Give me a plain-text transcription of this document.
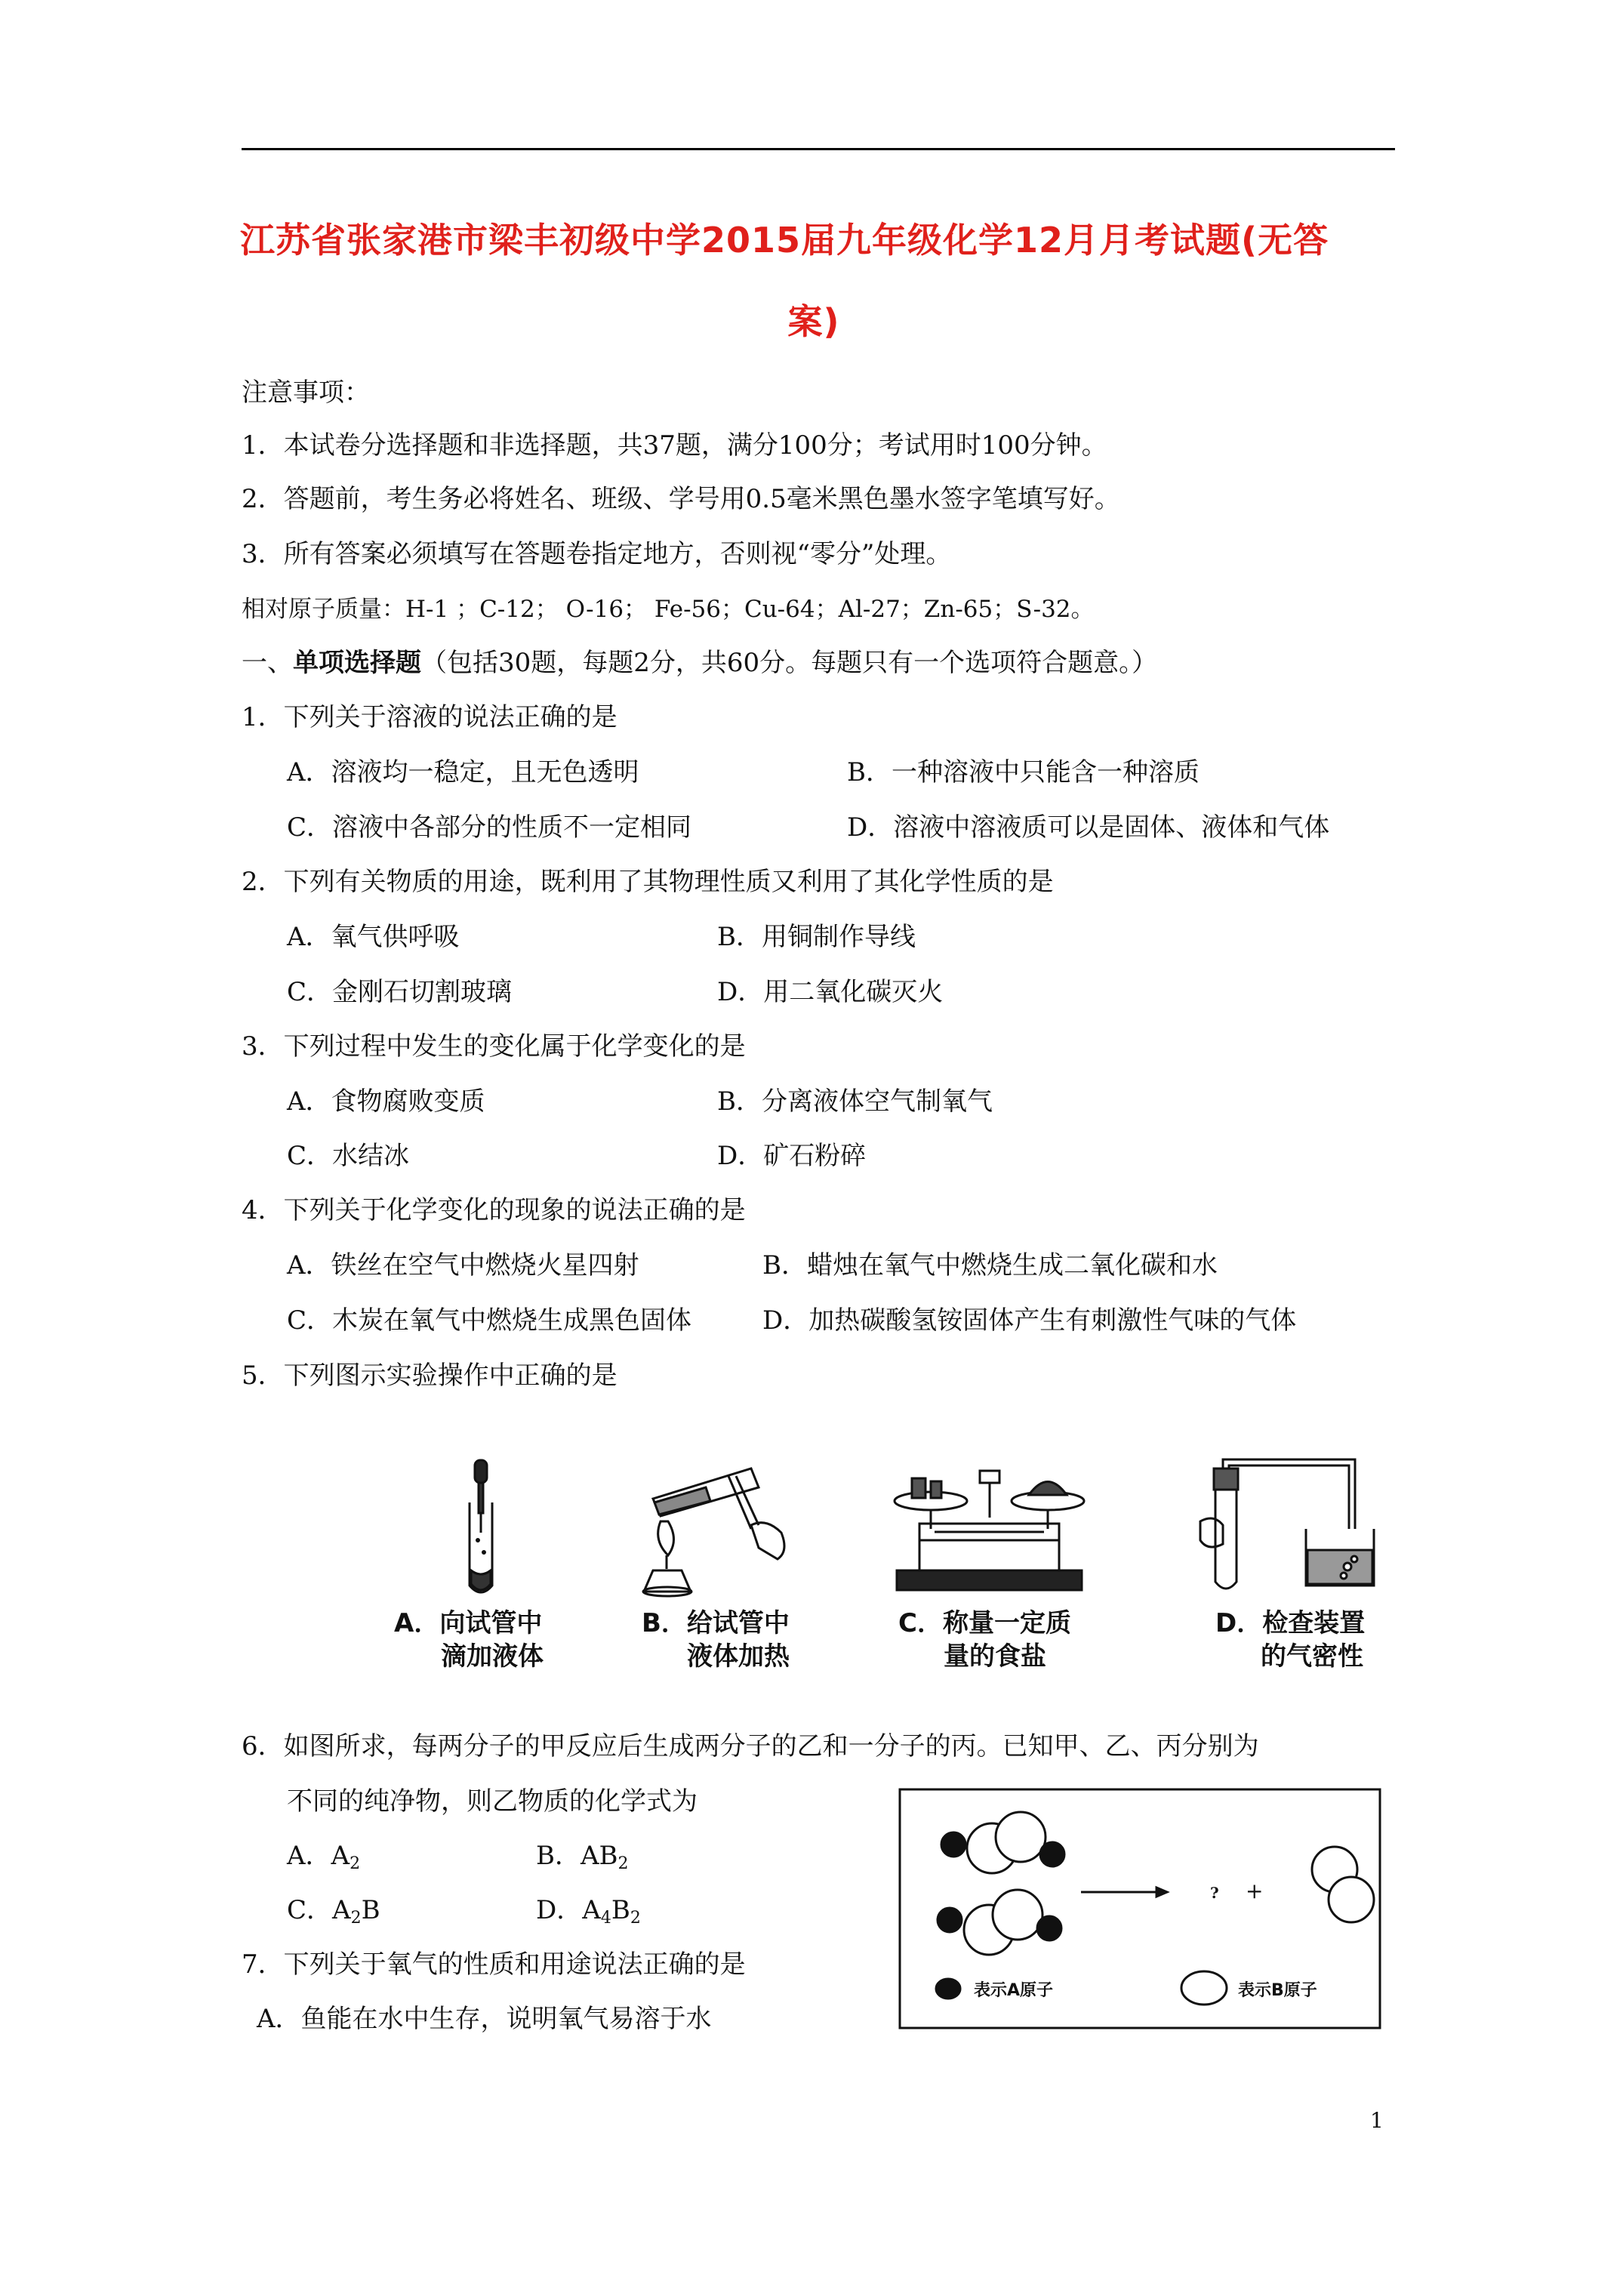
江苏省张家港市梁丰初级中学2015届九年级化学12月月考试题(无答
案)
注意事项：
1．本试卷分选择题和非选择题，共37题，满分100分；考试用时100分钟。
2．答题前，考生务必将姓名、班级、学号用0.5毫米黑色墨水签字笔填写好。
3．所有答案必须填写在答题卷指定地方，否则视“零分”处理。
相对原子质量：H-1 ；C-12； O-16； Fe-56；Cu-64；Al-27；Zn-65；S-32。
一、单项选择题（包括30题，每题2分，共60分。每题只有一个选项符合题意。）
1．下列关于溶液的说法正确的是
A．溶液均一稳定，且无色透明	B．一种溶液中只能含一种溶质
C．溶液中各部分的性质不一定相同	D．溶液中溶液质可以是固体、液体和气体
2．下列有关物质的用途，既利用了其物理性质又利用了其化学性质的是
A．氧气供呼吸	B．用铜制作导线
C．金刚石切割玻璃	D．用二氧化碳灭火
3．下列过程中发生的变化属于化学变化的是
A．食物腐败变质	B．分离液体空气制氧气
C．水结冰	D．矿石粉碎
4．下列关于化学变化的现象的说法正确的是
A．铁丝在空气中燃烧火星四射	B．蜡烛在氧气中燃烧生成二氧化碳和水
C．木炭在氧气中燃烧生成黑色固体	D．加热碳酸氢铵固体产生有刺激性气味的气体
5．下列图示实验操作中正确的是
A．向试管中
滴加液体
B．给试管中
液体加热
C．称量一定质
量的食盐
D．检查装置
的气密性
6．如图所求，每两分子的甲反应后生成两分子的乙和一分子的丙。已知甲、乙、丙分别为
不同的纯净物，则乙物质的化学式为
A．$A_2$	B．$AB_2$
C．$A_2B$	D．$A_4B_2$
? +
表示A原子	表示B原子
7．下列关于氧气的性质和用途说法正确的是
A．鱼能在水中生存，说明氧气易溶于水
1
